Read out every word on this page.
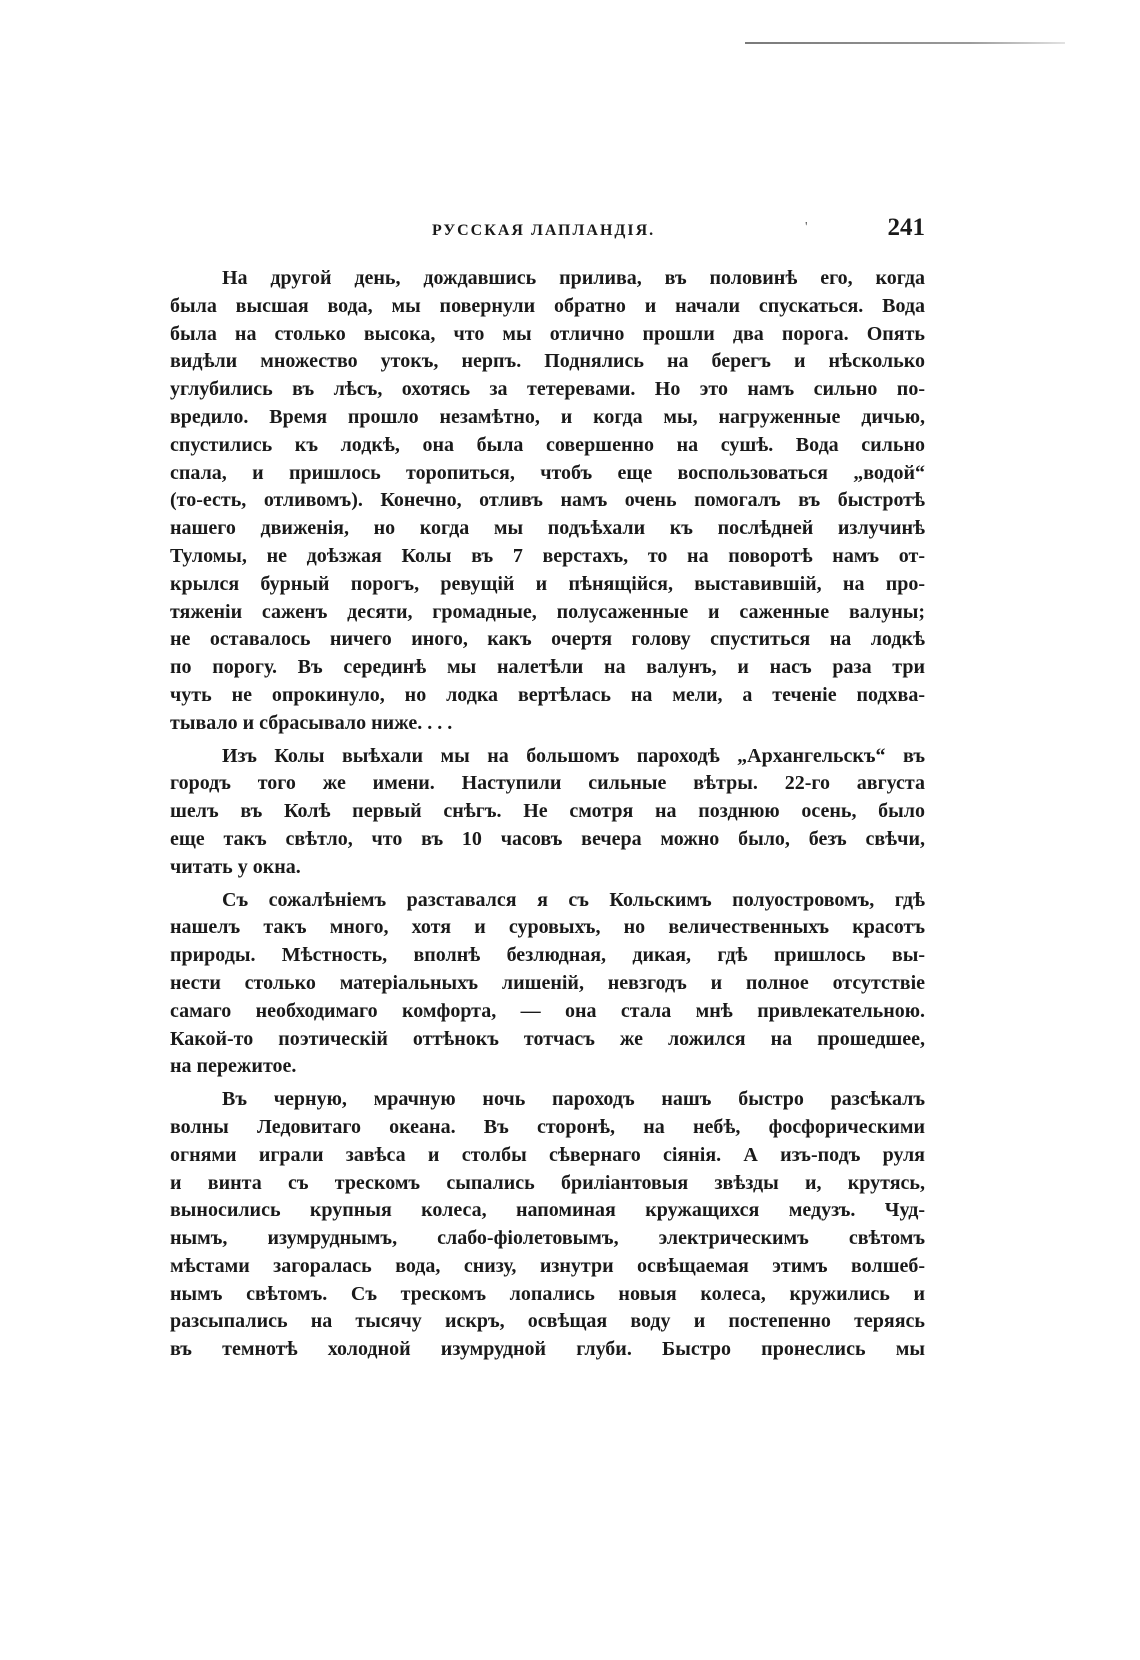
РУССКАЯ ЛАПЛАНДІЯ.	'	241
На другой день, дождавшись прилива, въ половинѣ его, когда
была высшая вода, мы повернули обратно и начали спускаться. Вода
была на столько высока, что мы отлично прошли два порога. Опять
видѣли множество утокъ, нерпъ. Поднялись на берегъ и нѣсколько
углубились въ лѣсъ, охотясь за тетеревами. Но это намъ сильно по-
вредило. Время прошло незамѣтно, и когда мы, нагруженные дичью,
спустились къ лодкѣ, она была совершенно на сушѣ. Вода сильно
спала, и пришлось торопиться, чтобъ еще воспользоваться „водой“
(то-есть, отливомъ). Конечно, отливъ намъ очень помогалъ въ быстротѣ
нашего движенія, но когда мы подъѣхали къ послѣдней излучинѣ
Туломы, не доѣзжая Колы въ 7 верстахъ, то на поворотѣ намъ от-
крылся бурный порогъ, ревущій и пѣнящійся, выставившій, на про-
тяженіи саженъ десяти, громадные, полусаженные и саженные валуны;
не оставалось ничего иного, какъ очертя голову спуститься на лодкѣ
по порогу. Въ серединѣ мы налетѣли на валунъ, и насъ раза три
чуть не опрокинуло, но лодка вертѣлась на мели, а теченіе подхва-
тывало и сбрасывало ниже. . . .
Изъ Колы выѣхали мы на большомъ пароходѣ „Архангельскъ“ въ
городъ того же имени. Наступили сильные вѣтры. 22-го августа
шелъ въ Колѣ первый снѣгъ. Не смотря на позднюю осень, было
еще такъ свѣтло, что въ 10 часовъ вечера можно было, безъ свѣчи,
читать у окна.
Съ сожалѣніемъ разставался я съ Кольскимъ полуостровомъ, гдѣ
нашелъ такъ много, хотя и суровыхъ, но величественныхъ красотъ
природы. Мѣстность, вполнѣ безлюдная, дикая, гдѣ пришлось вы-
нести столько матеріальныхъ лишеній, невзгодъ и полное отсутствіе
самаго необходимаго комфорта, — она стала мнѣ привлекательною.
Какой-то поэтическій оттѣнокъ тотчасъ же ложился на прошедшее,
на пережитое.
Въ черную, мрачную ночь пароходъ нашъ быстро разсѣкалъ
волны Ледовитаго океана. Въ сторонѣ, на небѣ, фосфорическими
огнями играли завѣса и столбы сѣвернаго сіянія. А изъ-подъ руля
и винта съ трескомъ сыпались бриліантовыя звѣзды и, крутясь,
выносились крупныя колеса, напоминая кружащихся медузъ. Чуд-
нымъ, изумруднымъ, слабо-фіолетовымъ, электрическимъ свѣтомъ
мѣстами загоралась вода, снизу, изнутри освѣщаемая этимъ волшеб-
нымъ свѣтомъ. Съ трескомъ лопались новыя колеса, кружились и
разсыпались на тысячу искръ, освѣщая воду и постепенно теряясь
въ темнотѣ холодной изумрудной глуби. Быстро пронеслись мы
